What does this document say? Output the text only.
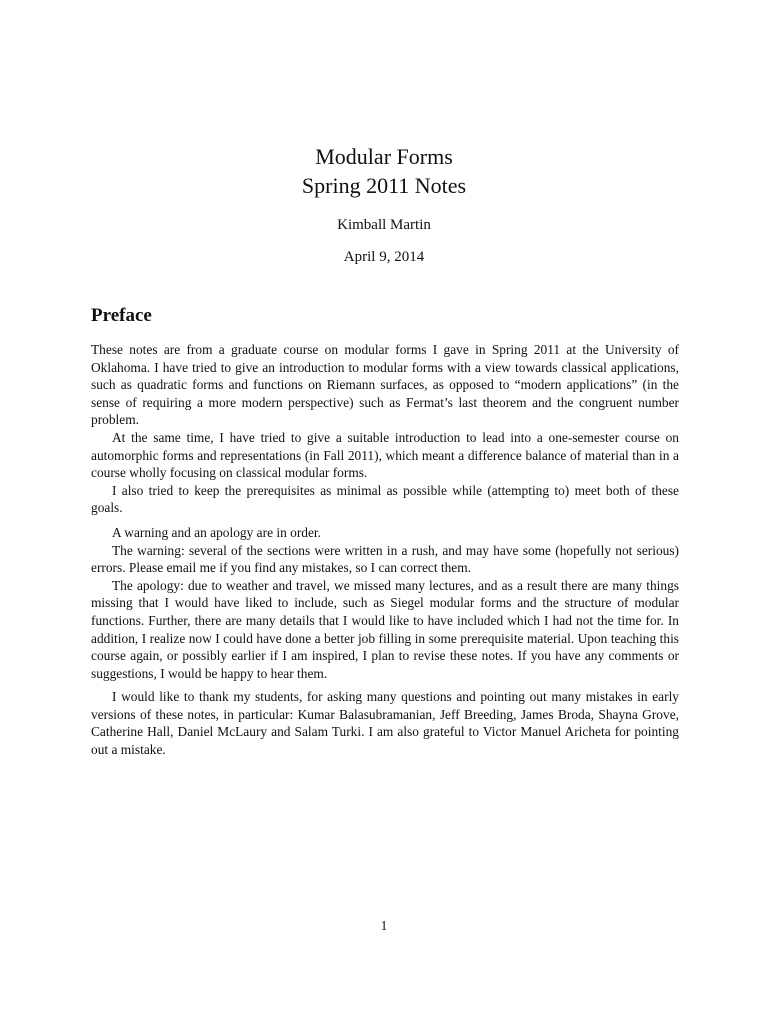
Modular Forms
Spring 2011 Notes
Kimball Martin
April 9, 2014
Preface

These notes are from a graduate course on modular forms I gave in Spring 2011 at the University of Oklahoma. I have tried to give an introduction to modular forms with a view towards classical applications, such as quadratic forms and functions on Riemann surfaces, as opposed to “modern applications” (in the sense of requiring a more modern perspective) such as Fermat’s last theorem and the congruent number problem.

At the same time, I have tried to give a suitable introduction to lead into a one-semester course on automorphic forms and representations (in Fall 2011), which meant a difference balance of material than in a course wholly focusing on classical modular forms.

I also tried to keep the prerequisites as minimal as possible while (attempting to) meet both of these goals.

A warning and an apology are in order.

The warning: several of the sections were written in a rush, and may have some (hopefully not serious) errors. Please email me if you find any mistakes, so I can correct them.

The apology: due to weather and travel, we missed many lectures, and as a result there are many things missing that I would have liked to include, such as Siegel modular forms and the structure of modular functions. Further, there are many details that I would like to have included which I had not the time for. In addition, I realize now I could have done a better job filling in some prerequisite material. Upon teaching this course again, or possibly earlier if I am inspired, I plan to revise these notes. If you have any comments or suggestions, I would be happy to hear them.

I would like to thank my students, for asking many questions and pointing out many mistakes in early versions of these notes, in particular: Kumar Balasubramanian, Jeff Breeding, James Broda, Shayna Grove, Catherine Hall, Daniel McLaury and Salam Turki. I am also grateful to Victor Manuel Aricheta for pointing out a mistake.

1
